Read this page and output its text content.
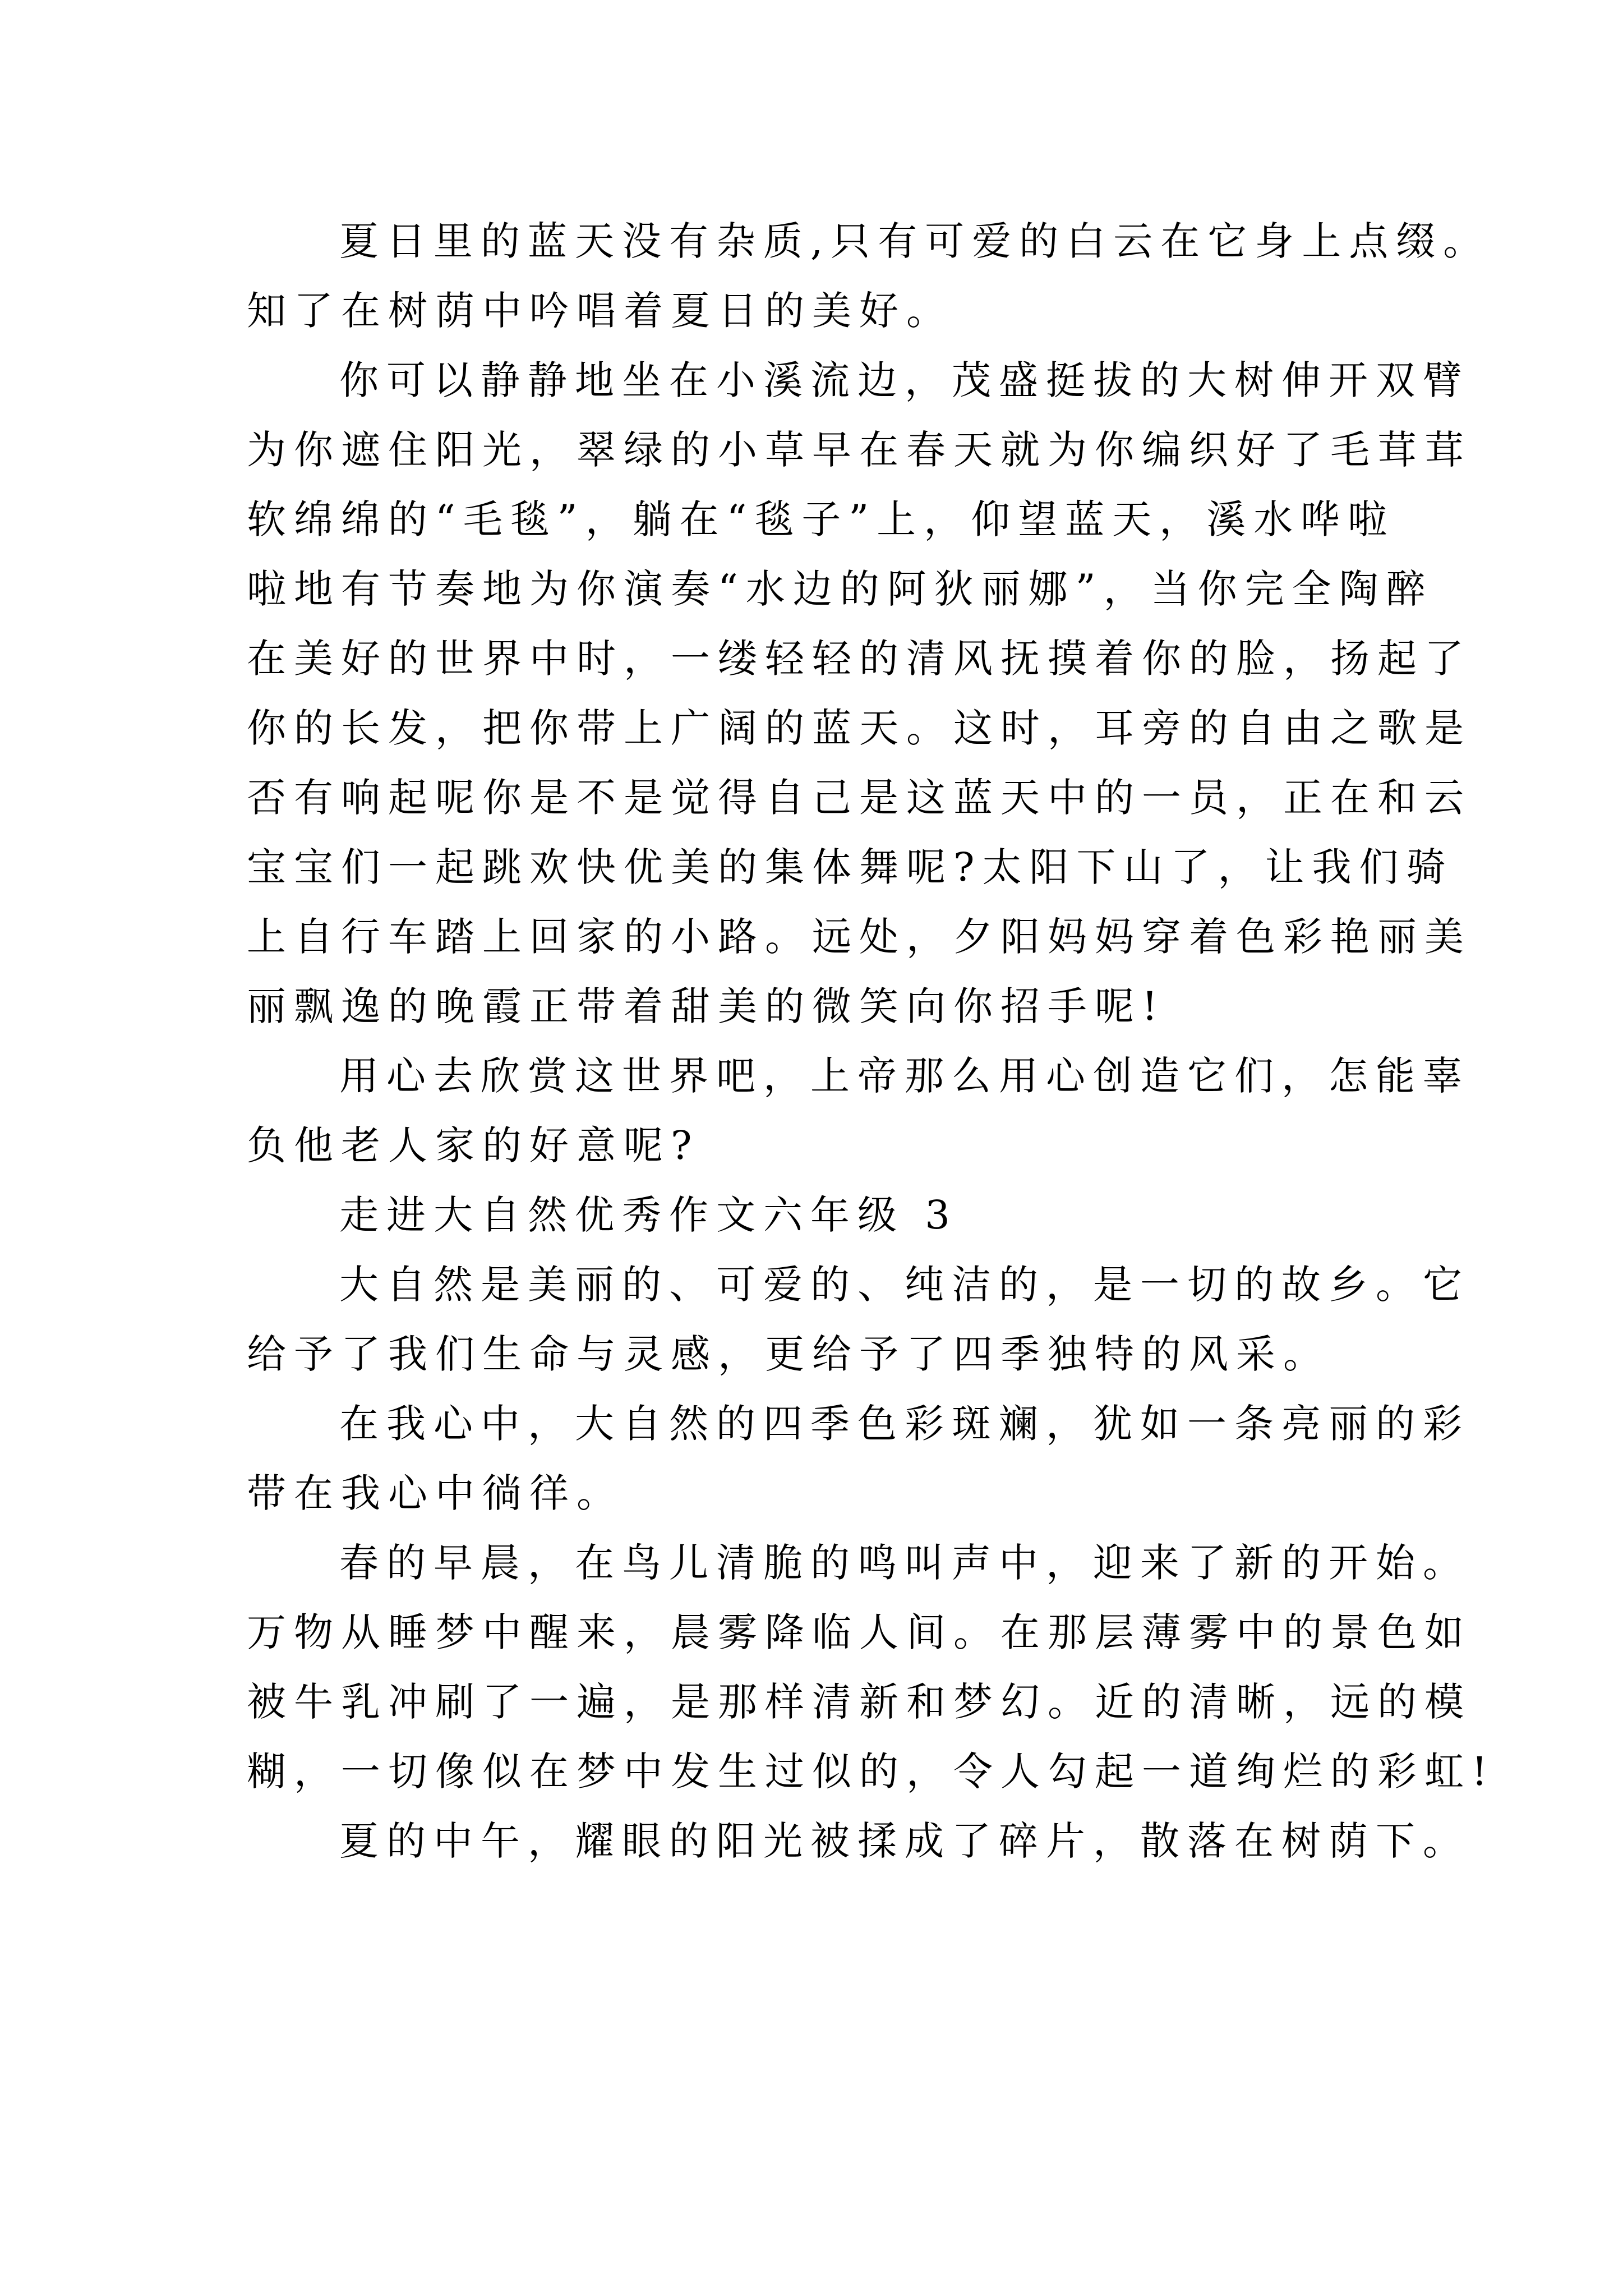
夏日里的蓝天没有杂质,只有可爱的白云在它身上点缀。
知了在树荫中吟唱着夏日的美好。
你可以静静地坐在小溪流边，茂盛挺拔的大树伸开双臂
为你遮住阳光，翠绿的小草早在春天就为你编织好了毛茸茸
软绵绵的“毛毯”，躺在“毯子”上，仰望蓝天，溪水哗啦
啦地有节奏地为你演奏“水边的阿狄丽娜”，当你完全陶醉
在美好的世界中时，一缕轻轻的清风抚摸着你的脸，扬起了
你的长发，把你带上广阔的蓝天。这时，耳旁的自由之歌是
否有响起呢你是不是觉得自己是这蓝天中的一员，正在和云
宝宝们一起跳欢快优美的集体舞呢?太阳下山了，让我们骑
上自行车踏上回家的小路。远处，夕阳妈妈穿着色彩艳丽美
丽飘逸的晚霞正带着甜美的微笑向你招手呢!
用心去欣赏这世界吧，上帝那么用心创造它们，怎能辜
负他老人家的好意呢?
走进大自然优秀作文六年级 3
大自然是美丽的、可爱的、纯洁的，是一切的故乡。它
给予了我们生命与灵感，更给予了四季独特的风采。
在我心中，大自然的四季色彩斑斓，犹如一条亮丽的彩
带在我心中徜徉。
春的早晨，在鸟儿清脆的鸣叫声中，迎来了新的开始。
万物从睡梦中醒来，晨雾降临人间。在那层薄雾中的景色如
被牛乳冲刷了一遍，是那样清新和梦幻。近的清晰，远的模
糊，一切像似在梦中发生过似的，令人勾起一道绚烂的彩虹!
夏的中午，耀眼的阳光被揉成了碎片，散落在树荫下。
